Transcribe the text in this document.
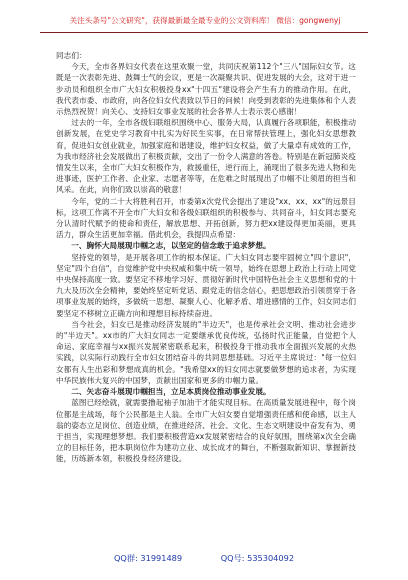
关注头条号"公文研究"，获得最新最全最专业的公文资料库！ 微信：gongwenyj

同志们：

今天，全市各界妇女代表在这里欢聚一堂，共同庆祝第112个"三八"国际妇女节。这既是一次表彰先进、鼓舞士气的会议，更是一次凝聚共识、促进发展的大会，这对于进一步动员和组织全市广大妇女积极投身xx"十四五"建设将会产生有力的推动作用。在此，我代表市委、市政府，向各位妇女代表致以节日的问候！向受到表彰的先进集体和个人表示热烈祝贺！向关心、支持妇女事业发展的社会各界人士表示衷心感谢！

过去的一年，全市各级妇联组织围绕中心、服务大局，认真履行各项职能，积极推动创新发展，在党史学习教育中扎实为好民生实事，在日常帮扶管理上，强化妇女思想教育，促进妇女创业就业，加强家庭和谐建设，维护妇女权益，做了大量卓有成效的工作，为我市经济社会发展做出了积极贡献，交出了一份令人满意的答卷。特别是在新冠肺炎疫情发生以来，全市广大妇女积极作为，救援重任，逆行而上，涌现出了很多先进人物和先进事迹，医护工作者、企业家、志愿者等等，在危难之时展现出了巾帼不让须眉的担当和风采。在此，向你们致以崇高的敬意！

今年，党的二十大将胜利召开，市委第x次党代会提出了建设"xx、xx、xx"的远景目标，这项工作离不开全市广大妇女和各级妇联组织的积极参与、共同奋斗，妇女同志要充分认清时代赋予的使命和责任，解放思想、开拓创新，努力把xx建设得更加美丽，更具活力，群众生活更加幸福。借此机会，我提四点希望：

一、胸怀大局展现巾帼之志，以坚定的信念敢于追求梦想。

坚持党的领导，是开展各项工作的根本保证。广大妇女同志要牢固树立"四个意识"，坚定"四个自信"，自觉维护党中央权威和集中统一领导，始终在思想上政治上行动上同党中央保持高度一致。要坚定不移地学习好、贯彻好新时代中国特色社会主义思想和党的十九大及历次全会精神，要始终坚定听党话、跟党走的信念信心，把思想政治引领贯穿于各项事业发展的始终，多做统一思想、凝聚人心、化解矛盾、增进感情的工作，妇女同志们要坚定不移树立正确方向和理想目标持续奋进。

当今社会，妇女已是推动经济发展的"半边天"，也是传承社会文明、推动社会进步的"半边天"。xx市的广大妇女同志一定要继承优良传统，弘扬时代正能量，自觉把个人命运、家庭幸福与xx振兴发展紧密联系起来，积极投身于推动我市全面振兴发展的火热实践，以实际行动践行全市妇女团结奋斗的共同思想基础。习近平主席说过："每一位妇女都有人生出彩和梦想成真的机会。"我希望xx的妇女同志就要做梦想的追求者，为实现中华民族伟大复兴的中国梦，贡献出国家和更多的巾帼力量。

二、矢志奋斗展现巾帼担当，立足本质岗位推动事业发展。

蓝图已经绘就，就需要撸起袖子加油干才能实现目标。在高质量发展进程中，每个岗位都是主战场，每个公民都是主人翁。全市广大妇女要自觉增强责任感和使命感，以主人翁的姿态立足岗位、创造业绩，在推进经济、社会、文化、生态文明建设中奋发有为、勇于担当，实现理想梦想。我们要积极营造xx发展紧密结合的良好氛围，围绕第x次全会确立的目标任务，把本职岗位作为建功立业、成长成才的舞台，不断强取新知识、掌握新技能，历练新本领，积极投身经济建设。

QQ群: 31991489	QQ号: 535304092
